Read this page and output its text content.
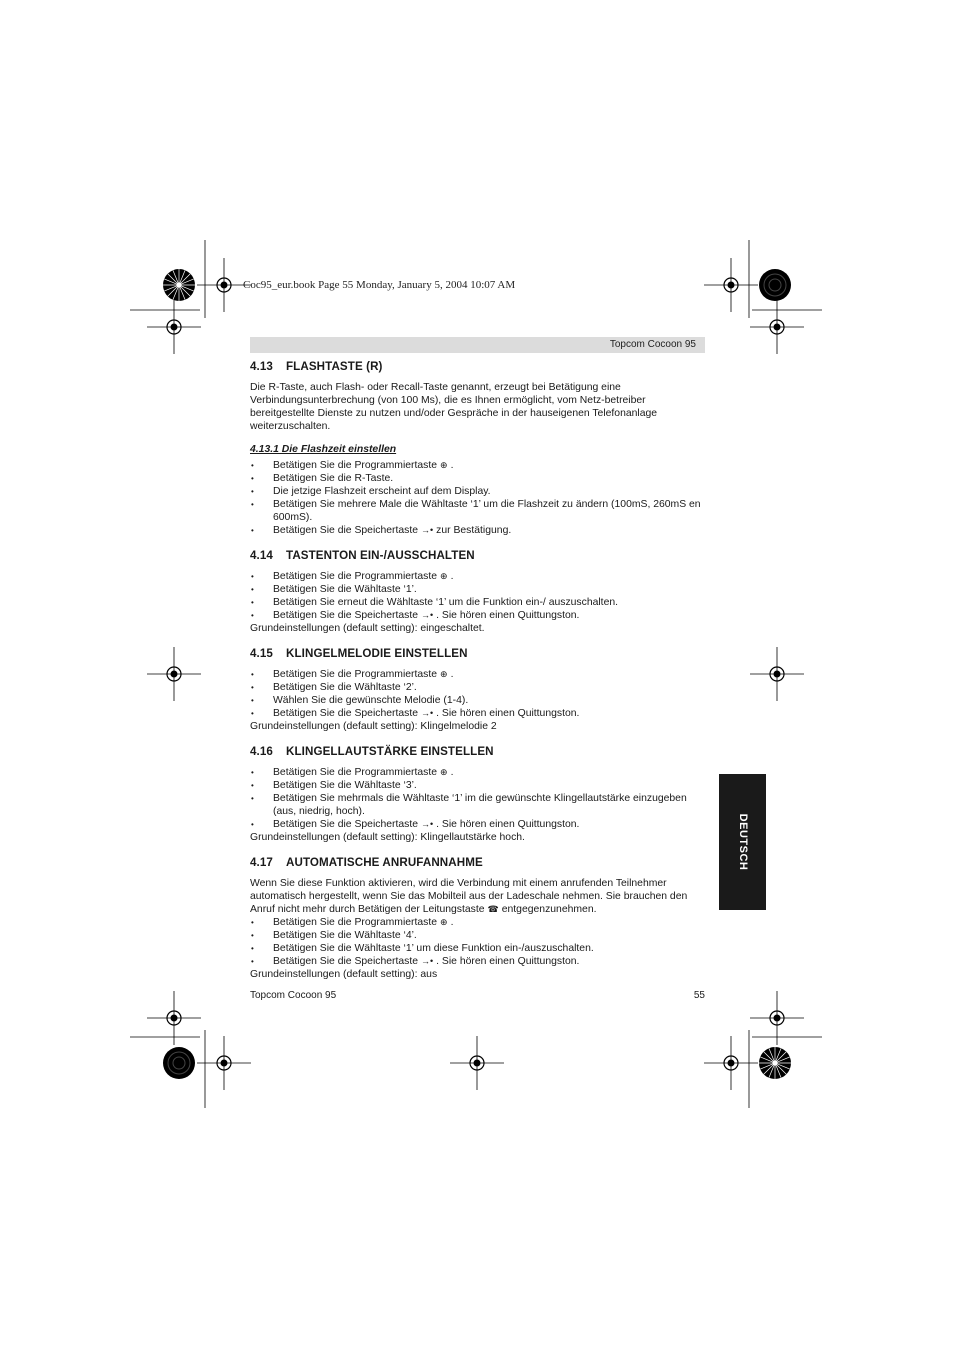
Coc95_eur.book Page 55 Monday, January 5, 2004 10:07 AM
Topcom Cocoon 95
4.13 FLASHTASTE (R)

Die R-Taste, auch Flash- oder Recall-Taste genannt, erzeugt bei Betätigung eine Verbindungsunterbrechung (von 100 Ms), die es Ihnen ermöglicht, vom Netz-betreiber bereitgestellte Dienste zu nutzen und/oder Gespräche in der hauseigenen Telefonanlage weiterzuschalten.

4.13.1 Die Flashzeit einstellen
• Betätigen Sie die Programmiertaste ⊕ .
• Betätigen Sie die R-Taste.
• Die jetzige Flashzeit erscheint auf dem Display.
• Betätigen Sie mehrere Male die Wähltaste ‘1’ um die Flashzeit zu ändern (100mS, 260mS en 600mS).
• Betätigen Sie die Speichertaste →• zur Bestätigung.
4.14 TASTENTON EIN-/AUSSCHALTEN
• Betätigen Sie die Programmiertaste ⊕ .
• Betätigen Sie die Wähltaste ‘1’.
• Betätigen Sie erneut die Wähltaste ‘1’ um die Funktion ein-/ auszuschalten.
• Betätigen Sie die Speichertaste →• . Sie hören einen Quittungston.

Grundeinstellungen (default setting): eingeschaltet.

4.15 KLINGELMELODIE EINSTELLEN
• Betätigen Sie die Programmiertaste ⊕ .
• Betätigen Sie die Wähltaste ‘2’.
• Wählen Sie die gewünschte Melodie (1-4).
• Betätigen Sie die Speichertaste →• . Sie hören einen Quittungston.

Grundeinstellungen (default setting): Klingelmelodie 2

4.16 KLINGELLAUTSTÄRKE EINSTELLEN
• Betätigen Sie die Programmiertaste ⊕ .
• Betätigen Sie die Wähltaste ‘3’.
• Betätigen Sie mehrmals die Wähltaste ‘1’ im die gewünschte Klingellautstärke einzugeben (aus, niedrig, hoch).
• Betätigen Sie die Speichertaste →• . Sie hören einen Quittungston.

Grundeinstellungen (default setting): Klingellautstärke hoch.

4.17 AUTOMATISCHE ANRUFANNAHME

Wenn Sie diese Funktion aktivieren, wird die Verbindung mit einem anrufenden Teilnehmer automatisch hergestellt, wenn Sie das Mobilteil aus der Ladeschale nehmen. Sie brauchen den Anruf nicht mehr durch Betätigen der Leitungstaste ☎ entgegenzunehmen.

• Betätigen Sie die Programmiertaste ⊕ .
• Betätigen Sie die Wähltaste ‘4’.
• Betätigen Sie die Wähltaste ‘1’ um diese Funktion ein-/auszuschalten.
• Betätigen Sie die Speichertaste →• . Sie hören einen Quittungston.

Grundeinstellungen (default setting): aus

DEUTSCH
Topcom Cocoon 95	55
